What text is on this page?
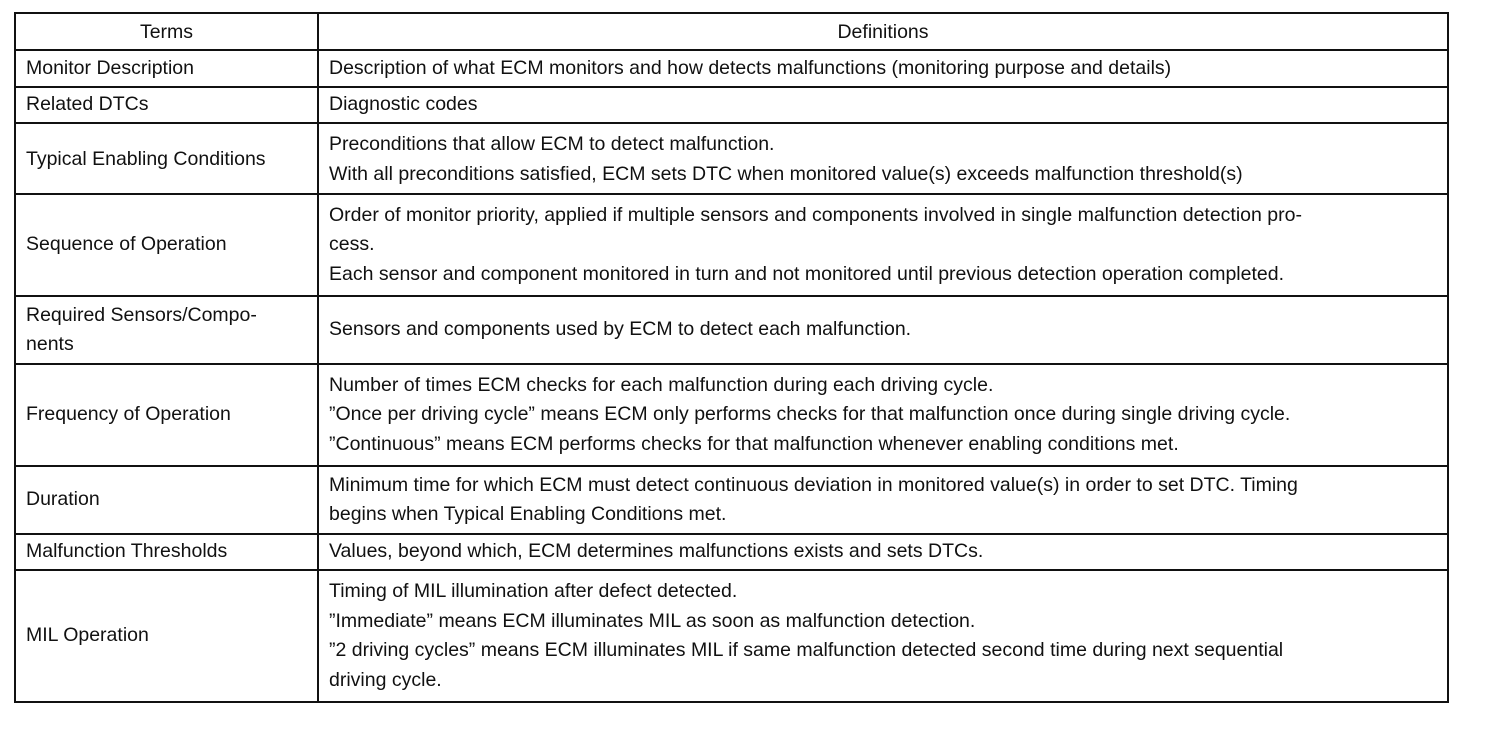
Terms	Definitions
Monitor Description	Description of what ECM monitors and how detects malfunctions (monitoring purpose and details)

Related DTCs	Diagnostic codes

Typical Enabling Conditions	Preconditions that allow ECM to detect malfunction.
With all preconditions satisfied, ECM sets DTC when monitored value(s) exceeds malfunction threshold(s)

Sequence of Operation	Order of monitor priority, applied if multiple sensors and components involved in single malfunction detection pro-
cess.
Each sensor and component monitored in turn and not monitored until previous detection operation completed.

Required Sensors/Compo-
nents	Sensors and components used by ECM to detect each malfunction.

Frequency of Operation	Number of times ECM checks for each malfunction during each driving cycle.
”Once per driving cycle” means ECM only performs checks for that malfunction once during single driving cycle.
”Continuous” means ECM performs checks for that malfunction whenever enabling conditions met.

Duration	Minimum time for which ECM must detect continuous deviation in monitored value(s) in order to set DTC. Timing
begins when Typical Enabling Conditions met.

Malfunction Thresholds	Values, beyond which, ECM determines malfunctions exists and sets DTCs.

MIL Operation	Timing of MIL illumination after defect detected.
”Immediate” means ECM illuminates MIL as soon as malfunction detection.
”2 driving cycles” means ECM illuminates MIL if same malfunction detected second time during next sequential
driving cycle.
